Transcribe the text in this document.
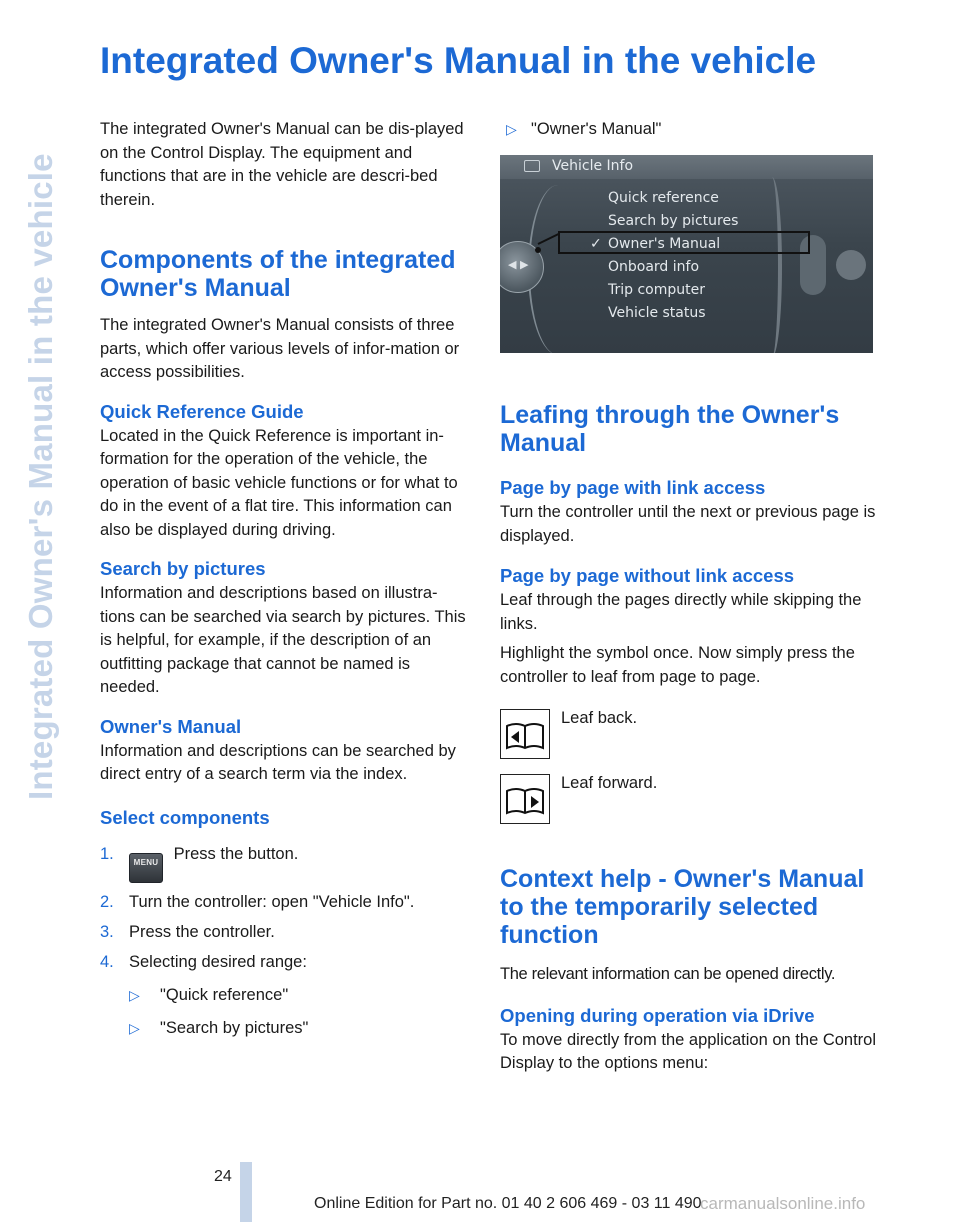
Integrated Owner's Manual in the vehicle
Integrated Owner's Manual in the vehicle

The integrated Owner's Manual can be dis-played on the Control Display. The equipment and functions that are in the vehicle are descri-bed therein.

Components of the integrated Owner's Manual

The integrated Owner's Manual consists of three parts, which offer various levels of infor-mation or access possibilities.

Quick Reference Guide

Located in the Quick Reference is important in-formation for the operation of the vehicle, the operation of basic vehicle functions or for what to do in the event of a flat tire. This information can also be displayed during driving.

Search by pictures

Information and descriptions based on illustra-tions can be searched via search by pictures. This is helpful, for example, if the description of an outfitting package that cannot be named is needed.

Owner's Manual

Information and descriptions can be searched by direct entry of a search term via the index.

Select components
1. MENU Press the button.
2. Turn the controller: open "Vehicle Info".
3. Press the controller.
4. Selecting desired range:
▷ "Quick reference"
▷ "Search by pictures"
▷ "Owner's Manual"
Vehicle Info
◀ ▶
Quick reference
Search by pictures
✓ Owner's Manual
Onboard info
Trip computer
Vehicle status
Leafing through the Owner's Manual
Page by page with link access

Turn the controller until the next or previous page is displayed.

Page by page without link access

Leaf through the pages directly while skipping the links.

Highlight the symbol once. Now simply press the controller to leaf from page to page.

Leaf back.
Leaf forward.
Context help - Owner's Manual to the temporarily selected function

The relevant information can be opened directly.

Opening during operation via iDrive

To move directly from the application on the Control Display to the options menu:

24
Online Edition for Part no. 01 40 2 606 469 - 03 11 490
carmanualsonline.info
